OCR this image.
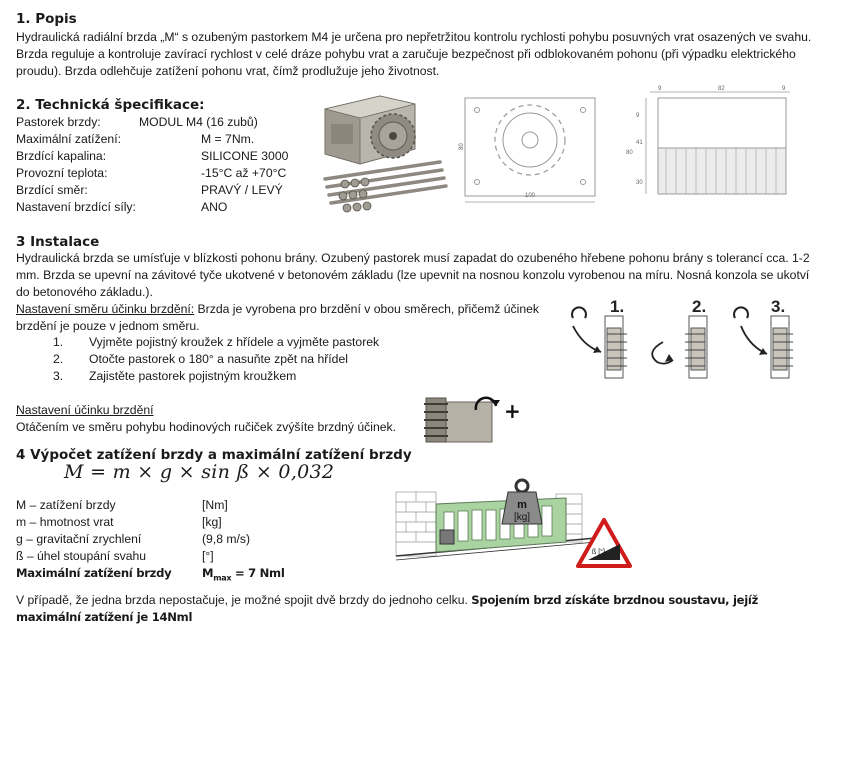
1. Popis

Hydraulická radiální brzda „M“ s ozubeným pastorkem M4 je určena pro nepřetržitou kontrolu rychlosti pohybu posuvných vrat osazených ve svahu. Brzda reguluje a kontroluje zavírací rychlost v celé dráze pohybu vrat a zaručuje bezpečnost při odblokovaném pohonu (při výpadku elektrického proudu). Brzda odlehčuje zatížení pohonu vrat, čímž prodlužuje jeho životnost.

2. Technická špecifikace:
Pastorek brzdy:	MODUL M4 (16 zubů)
Maximální zatížení:	M = 7Nm.
Brzdící kapalina:	SILICONE 3000
Provozní teplota:	-15°C až +70°C
Brzdící směr:	PRAVÝ / LEVÝ
Nastavení brzdící síly:	ANO
100
80
9	82	9
9
41
80
30
3 Instalace

Hydraulická brzda se umísťuje v blízkosti pohonu brány. Ozubený pastorek musí zapadat do ozubeného hřebene pohonu brány s tolerancí cca. 1-2 mm. Brzda se upevní na závitové tyče ukotvené v betonovém základu (lze upevnit na nosnou konzolu vyrobenou na míru. Nosná konzola se ukotví do betonového základu.).

Nastavení směru účinku brzdění: Brzda je vyrobena pro brzdění v obou směrech, přičemž účinek brzdění je pouze v jednom směru.

1. Vyjměte pojistný kroužek z hřídele a vyjměte pastorek
2. Otočte pastorek o 180° a nasuňte zpět na hřídel
3. Zajistěte pastorek pojistným kroužkem
1.	2.	3.

Nastavení účinku brzdění

Otáčením ve směru pohybu hodinových ručiček zvýšíte brzdný účinek.

+
4 Výpočet zatížení brzdy a maximální zatížení brzdy
M = m × g × sin ß × 0,032
M – zatížení brzdy	[Nm]
m – hmotnost vrat	[kg]
g – gravitační zrychlení	(9,8 m/s)
ß – úhel stoupání svahu	[°]
Maximální zatížení brzdy	$M_{max} = 7$ Nml
m
[kg]
ß [°]

V případě, že jedna brzda nepostačuje, je možné spojit dvě brzdy do jednoho celku. Spojením brzd získáte brzdnou soustavu, jejíž maximální zatížení je 14Nml
